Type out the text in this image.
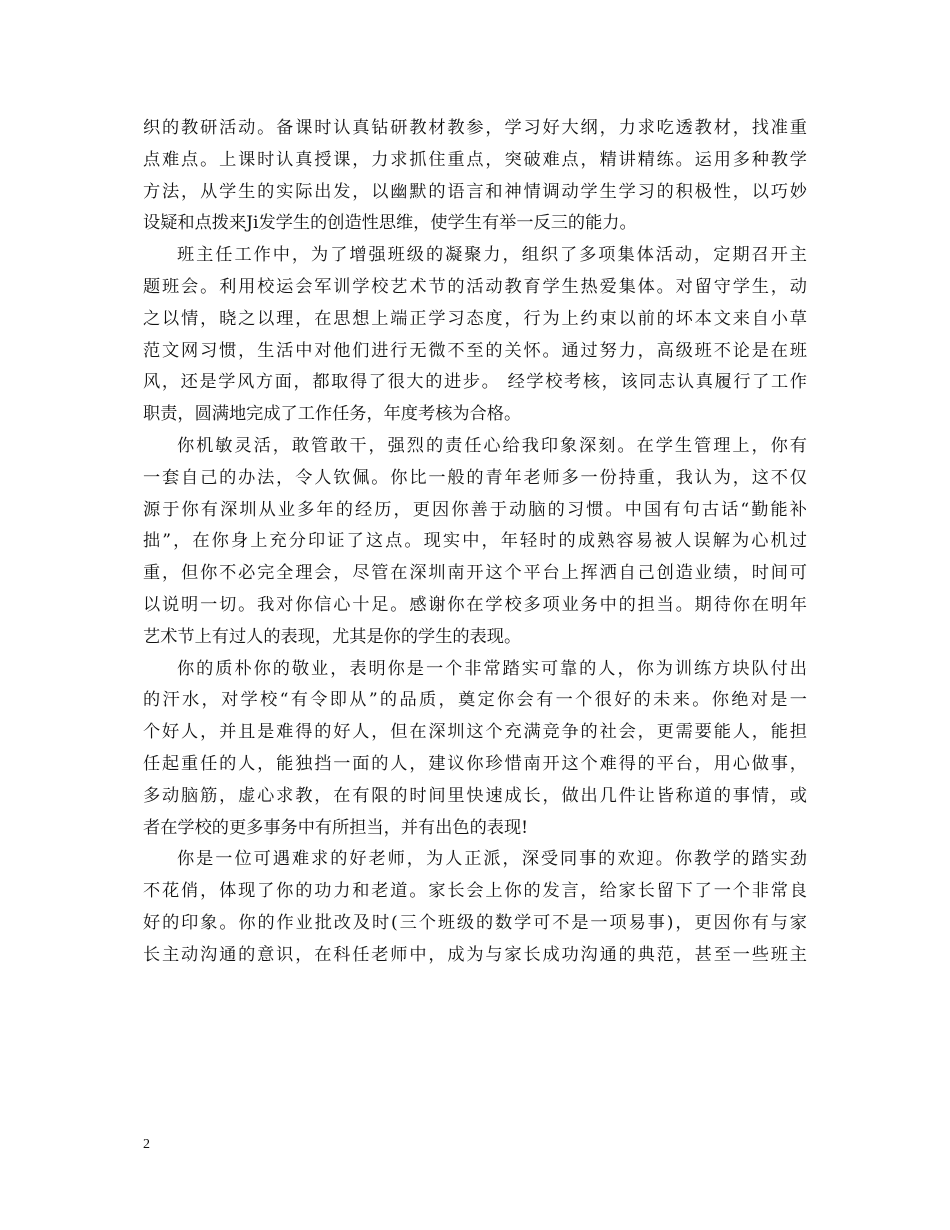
织的教研活动。备课时认真钻研教材教参，学习好大纲，力求吃透教材，找准重
点难点。上课时认真授课，力求抓住重点，突破难点，精讲精练。运用多种教学
方法，从学生的实际出发，以幽默的语言和神情调动学生学习的积极性，以巧妙
设疑和点拨来Ji发学生的创造性思维，使学生有举一反三的能力。
班主任工作中，为了增强班级的凝聚力，组织了多项集体活动，定期召开主
题班会。利用校运会军训学校艺术节的活动教育学生热爱集体。对留守学生，动
之以情，晓之以理，在思想上端正学习态度，行为上约束以前的坏本文来自小草
范文网习惯，生活中对他们进行无微不至的关怀。通过努力，高级班不论是在班
风，还是学风方面，都取得了很大的进步。 经学校考核，该同志认真履行了工作
职责，圆满地完成了工作任务，年度考核为合格。
你机敏灵活，敢管敢干，强烈的责任心给我印象深刻。在学生管理上，你有
一套自己的办法，令人钦佩。你比一般的青年老师多一份持重，我认为，这不仅
源于你有深圳从业多年的经历，更因你善于动脑的习惯。中国有句古话“勤能补
拙”，在你身上充分印证了这点。现实中，年轻时的成熟容易被人误解为心机过
重，但你不必完全理会，尽管在深圳南开这个平台上挥洒自己创造业绩，时间可
以说明一切。我对你信心十足。感谢你在学校多项业务中的担当。期待你在明年
艺术节上有过人的表现，尤其是你的学生的表现。
你的质朴你的敬业，表明你是一个非常踏实可靠的人，你为训练方块队付出
的汗水，对学校“有令即从”的品质，奠定你会有一个很好的未来。你绝对是一
个好人，并且是难得的好人，但在深圳这个充满竞争的社会，更需要能人，能担
任起重任的人，能独挡一面的人，建议你珍惜南开这个难得的平台，用心做事，
多动脑筋，虚心求教，在有限的时间里快速成长，做出几件让皆称道的事情，或
者在学校的更多事务中有所担当，并有出色的表现!
你是一位可遇难求的好老师，为人正派，深受同事的欢迎。你教学的踏实劲
不花俏，体现了你的功力和老道。家长会上你的发言，给家长留下了一个非常良
好的印象。你的作业批改及时(三个班级的数学可不是一项易事)，更因你有与家
长主动沟通的意识，在科任老师中，成为与家长成功沟通的典范，甚至一些班主
2
